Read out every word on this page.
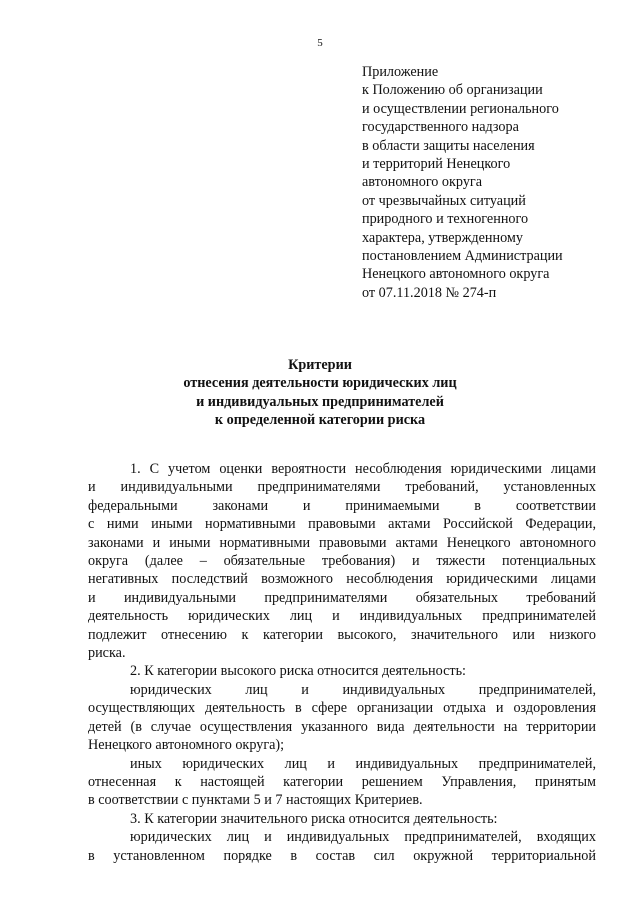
5
Приложение
к Положению об организации
и осуществлении регионального
государственного надзора
в области защиты населения
и территорий Ненецкого
автономного округа
от чрезвычайных ситуаций
природного и техногенного
характера, утвержденному
постановлением Администрации
Ненецкого автономного округа
от 07.11.2018 № 274-п
Критерии
отнесения деятельности юридических лиц
и индивидуальных предпринимателей
к определенной категории риска
1. С учетом оценки вероятности несоблюдения юридическими лицами
и индивидуальными предпринимателями требований, установленных
федеральными законами и принимаемыми в соответствии
с ними иными нормативными правовыми актами Российской Федерации,
законами и иными нормативными правовыми актами Ненецкого автономного
округа (далее – обязательные требования) и тяжести потенциальных
негативных последствий возможного несоблюдения юридическими лицами
и индивидуальными предпринимателями обязательных требований
деятельность юридических лиц и индивидуальных предпринимателей
подлежит отнесению к категории высокого, значительного или низкого
риска.
2. К категории высокого риска относится деятельность:
юридических лиц и индивидуальных предпринимателей,
осуществляющих деятельность в сфере организации отдыха и оздоровления
детей (в случае осуществления указанного вида деятельности на территории
Ненецкого автономного округа);
иных юридических лиц и индивидуальных предпринимателей,
отнесенная к настоящей категории решением Управления, принятым
в соответствии с пунктами 5 и 7 настоящих Критериев.
3. К категории значительного риска относится деятельность:
юридических лиц и индивидуальных предпринимателей, входящих
в установленном порядке в состав сил окружной территориальной
